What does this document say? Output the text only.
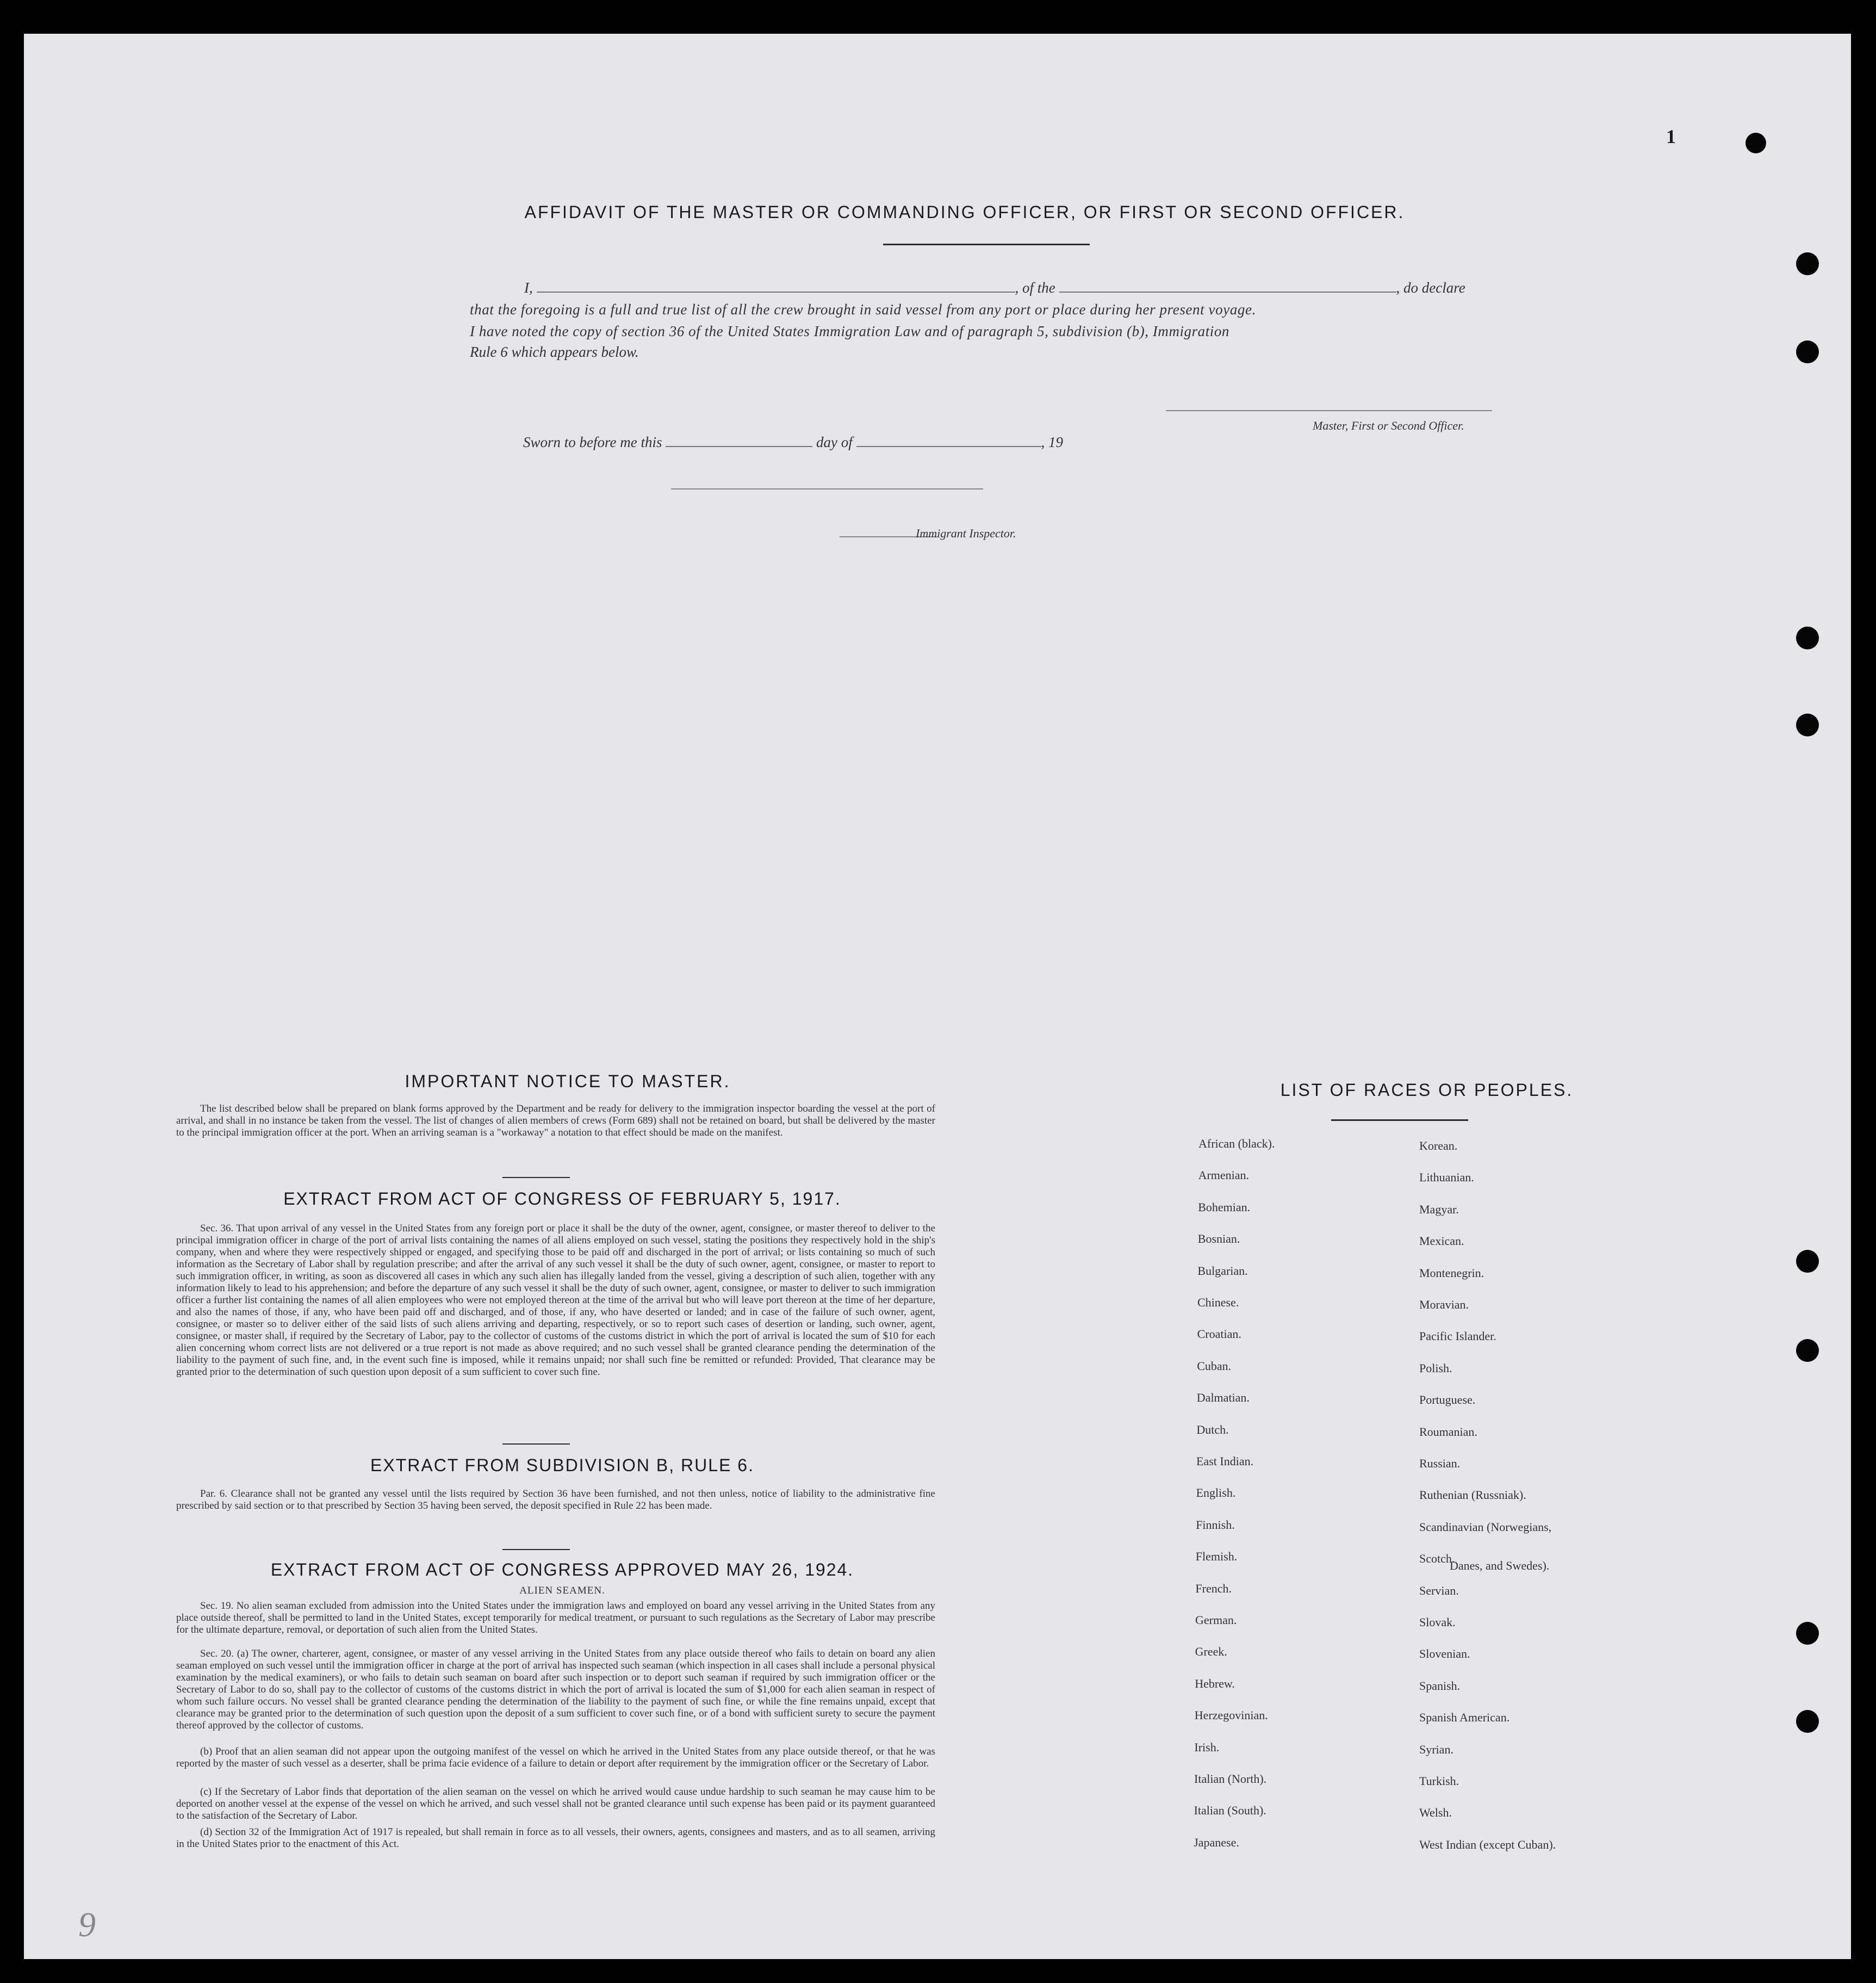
1
9
AFFIDAVIT OF THE MASTER OR COMMANDING OFFICER, OR FIRST OR SECOND OFFICER.
I,	, of the	, do declare
that the foregoing is a full and true list of all the crew brought in said vessel from any port or place during her present voyage.
I have noted the copy of section 36 of the United States Immigration Law and of paragraph 5, subdivision (b), Immigration
Rule 6 which appears below.
Master, First or Second Officer.
Sworn to before me this	day of	, 19
Immigrant Inspector.
IMPORTANT NOTICE TO MASTER.
The list described below shall be prepared on blank forms approved by the Department and be ready for delivery to the immigration inspector boarding the vessel at the port of arrival, and shall in no instance be taken from the vessel. The list of changes of alien members of crews (Form 689) shall not be retained on board, but shall be delivered by the master to the principal immigration officer at the port. When an arriving seaman is a "workaway" a notation to that effect should be made on the manifest.
EXTRACT FROM ACT OF CONGRESS OF FEBRUARY 5, 1917.
Sec. 36. That upon arrival of any vessel in the United States from any foreign port or place it shall be the duty of the owner, agent, consignee, or master thereof to deliver to the principal immigration officer in charge of the port of arrival lists containing the names of all aliens employed on such vessel, stating the positions they respectively hold in the ship's company, when and where they were respectively shipped or engaged, and specifying those to be paid off and discharged in the port of arrival; or lists containing so much of such information as the Secretary of Labor shall by regulation prescribe; and after the arrival of any such vessel it shall be the duty of such owner, agent, consignee, or master to report to such immigration officer, in writing, as soon as discovered all cases in which any such alien has illegally landed from the vessel, giving a description of such alien, together with any information likely to lead to his apprehension; and before the departure of any such vessel it shall be the duty of such owner, agent, consignee, or master to deliver to such immigration officer a further list containing the names of all alien employees who were not employed thereon at the time of the arrival but who will leave port thereon at the time of her departure, and also the names of those, if any, who have been paid off and discharged, and of those, if any, who have deserted or landed; and in case of the failure of such owner, agent, consignee, or master so to deliver either of the said lists of such aliens arriving and departing, respectively, or so to report such cases of desertion or landing, such owner, agent, consignee, or master shall, if required by the Secretary of Labor, pay to the collector of customs of the customs district in which the port of arrival is located the sum of $10 for each alien concerning whom correct lists are not delivered or a true report is not made as above required; and no such vessel shall be granted clearance pending the determination of the liability to the payment of such fine, and, in the event such fine is imposed, while it remains unpaid; nor shall such fine be remitted or refunded: Provided, That clearance may be granted prior to the determination of such question upon deposit of a sum sufficient to cover such fine.
EXTRACT FROM SUBDIVISION B, RULE 6.
Par. 6. Clearance shall not be granted any vessel until the lists required by Section 36 have been furnished, and not then unless, notice of liability to the administrative fine prescribed by said section or to that prescribed by Section 35 having been served, the deposit specified in Rule 22 has been made.
EXTRACT FROM ACT OF CONGRESS APPROVED MAY 26, 1924.
ALIEN SEAMEN.
Sec. 19. No alien seaman excluded from admission into the United States under the immigration laws and employed on board any vessel arriving in the United States from any place outside thereof, shall be permitted to land in the United States, except temporarily for medical treatment, or pursuant to such regulations as the Secretary of Labor may prescribe for the ultimate departure, removal, or deportation of such alien from the United States.
Sec. 20. (a) The owner, charterer, agent, consignee, or master of any vessel arriving in the United States from any place outside thereof who fails to detain on board any alien seaman employed on such vessel until the immigration officer in charge at the port of arrival has inspected such seaman (which inspection in all cases shall include a personal physical examination by the medical examiners), or who fails to detain such seaman on board after such inspection or to deport such seaman if required by such immigration officer or the Secretary of Labor to do so, shall pay to the collector of customs of the customs district in which the port of arrival is located the sum of $1,000 for each alien seaman in respect of whom such failure occurs. No vessel shall be granted clearance pending the determination of the liability to the payment of such fine, or while the fine remains unpaid, except that clearance may be granted prior to the determination of such question upon the deposit of a sum sufficient to cover such fine, or of a bond with sufficient surety to secure the payment thereof approved by the collector of customs.
(b) Proof that an alien seaman did not appear upon the outgoing manifest of the vessel on which he arrived in the United States from any place outside thereof, or that he was reported by the master of such vessel as a deserter, shall be prima facie evidence of a failure to detain or deport after requirement by the immigration officer or the Secretary of Labor.
(c) If the Secretary of Labor finds that deportation of the alien seaman on the vessel on which he arrived would cause undue hardship to such seaman he may cause him to be deported on another vessel at the expense of the vessel on which he arrived, and such vessel shall not be granted clearance until such expense has been paid or its payment guaranteed to the satisfaction of the Secretary of Labor.
(d) Section 32 of the Immigration Act of 1917 is repealed, but shall remain in force as to all vessels, their owners, agents, consignees and masters, and as to all seamen, arriving in the United States prior to the enactment of this Act.
LIST OF RACES OR PEOPLES.
Danes, and Swedes).
African (black).
Armenian.
Bohemian.
Bosnian.
Bulgarian.
Chinese.
Croatian.
Cuban.
Dalmatian.
Dutch.
East Indian.
English.
Finnish.
Flemish.
French.
German.
Greek.
Hebrew.
Herzegovinian.
Irish.
Italian (North).
Italian (South).
Japanese.
Korean.
Lithuanian.
Magyar.
Mexican.
Montenegrin.
Moravian.
Pacific Islander.
Polish.
Portuguese.
Roumanian.
Russian.
Ruthenian (Russniak).
Scandinavian (Norwegians,
Scotch.
Servian.
Slovak.
Slovenian.
Spanish.
Spanish American.
Syrian.
Turkish.
Welsh.
West Indian (except Cuban).
